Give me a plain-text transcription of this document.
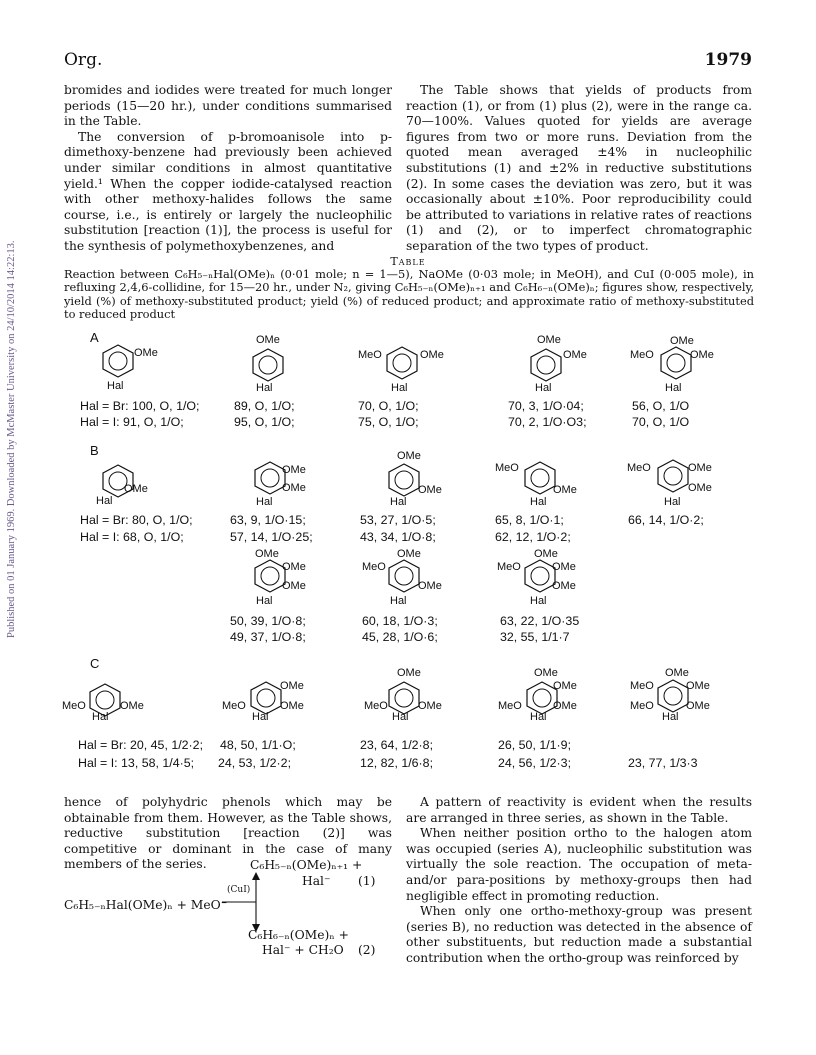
Org.	1979
Published on 01 January 1969. Downloaded by McMaster University on 24/10/2014 14:22:13.

bromides and iodides were treated for much longer periods (15—20 hr.), under conditions summarised in the Table.

The conversion of p-bromoanisole into p-dimethoxy-benzene had previously been achieved under similar conditions in almost quantitative yield.¹ When the copper iodide-catalysed reaction with other methoxy-halides follows the same course, i.e., is entirely or largely the nucleophilic substitution [reaction (1)], the process is useful for the synthesis of polymethoxybenzenes, and

The Table shows that yields of products from reaction (1), or from (1) plus (2), were in the range ca. 70—100%. Values quoted for yields are average figures from two or more runs. Deviation from the quoted mean averaged ±4% in nucleophilic substitutions (1) and ±2% in reductive substitutions (2). In some cases the deviation was zero, but it was occasionally about ±10%. Poor reproducibility could be attributed to variations in relative rates of reactions (1) and (2), or to imperfect chromatographic separation of the two types of product.

Table
Reaction between C₆H₅₋ₙHal(OMe)ₙ (0·01 mole; n = 1—5), NaOMe (0·03 mole; in MeOH), and CuI (0·005 mole), in refluxing 2,4,6-collidine, for 15—20 hr., under N₂, giving C₆H₅₋ₙ(OMe)ₙ₊₁ and C₆H₆₋ₙ(OMe)ₙ; figures show, respectively, yield (%) of methoxy-substituted product; yield (%) of reduced product; and approximate ratio of methoxy-substituted to reduced product
A
B
C
OMe
Hal
OMe
Hal
MeO	OMe
Hal
OMe
OMe
Hal
OMe
MeO	OMe
Hal
Hal = Br: 100, O, 1/O;	89, O, 1/O;	70, O, 1/O;	70, 3, 1/O·04;	56, O, 1/O
Hal = I: 91, O, 1/O;	95, O, 1/O;	75, O, 1/O;	70, 2, 1/O·O3;	70, O, 1/O
OMe
Hal
OMe
OMe
Hal
OMe
OMe
Hal
MeO
OMe
Hal
MeO	OMe
OMe
Hal
Hal = Br: 80, O, 1/O;	63, 9, 1/O·15;	53, 27, 1/O·5;	65, 8, 1/O·1;	66, 14, 1/O·2;
Hal = I: 68, O, 1/O;	57, 14, 1/O·25;	43, 34, 1/O·8;	62, 12, 1/O·2;
OMe
OMe
OMe
Hal
OMe
MeO
OMe
Hal
OMe
MeO	OMe
OMe
Hal
50, 39, 1/O·8;	60, 18, 1/O·3;	63, 22, 1/O·35
49, 37, 1/O·8;	45, 28, 1/O·6;	32, 55, 1/1·7
MeO	OMe
Hal
MeO
OMe
OMe
Hal
OMe
MeO	OMe
Hal
OMe
OMe
MeO	OMe
Hal
OMe
MeO	OMe
MeO	OMe
Hal
Hal = Br: 20, 45, 1/2·2; 48, 50, 1/1·O;	23, 64, 1/2·8;	26, 50, 1/1·9;
Hal = I: 13, 58, 1/4·5; 24, 53, 1/2·2;	12, 82, 1/6·8;	24, 56, 1/2·3;	23, 77, 1/3·3

hence of polyhydric phenols which may be obtainable from them. However, as the Table shows, reductive substitution [reaction (2)] was competitive or dominant in the case of many members of the series.	C₆H₅₋ₙ(OMe)ₙ₊₁ +
Hal⁻ (1)
C₆H₅₋ₙHal(OMe)ₙ + MeO⁻
(CuI)
C₆H₆₋ₙ(OMe)ₙ +
Hal⁻ + CH₂O (2)

A pattern of reactivity is evident when the results are arranged in three series, as shown in the Table.

When neither position ortho to the halogen atom was occupied (series A), nucleophilic substitution was virtually the sole reaction. The occupation of meta- and/or para-positions by methoxy-groups then had negligible effect in promoting reduction.

When only one ortho-methoxy-group was present (series B), no reduction was detected in the absence of other substituents, but reduction made a substantial contribution when the ortho-group was reinforced by
